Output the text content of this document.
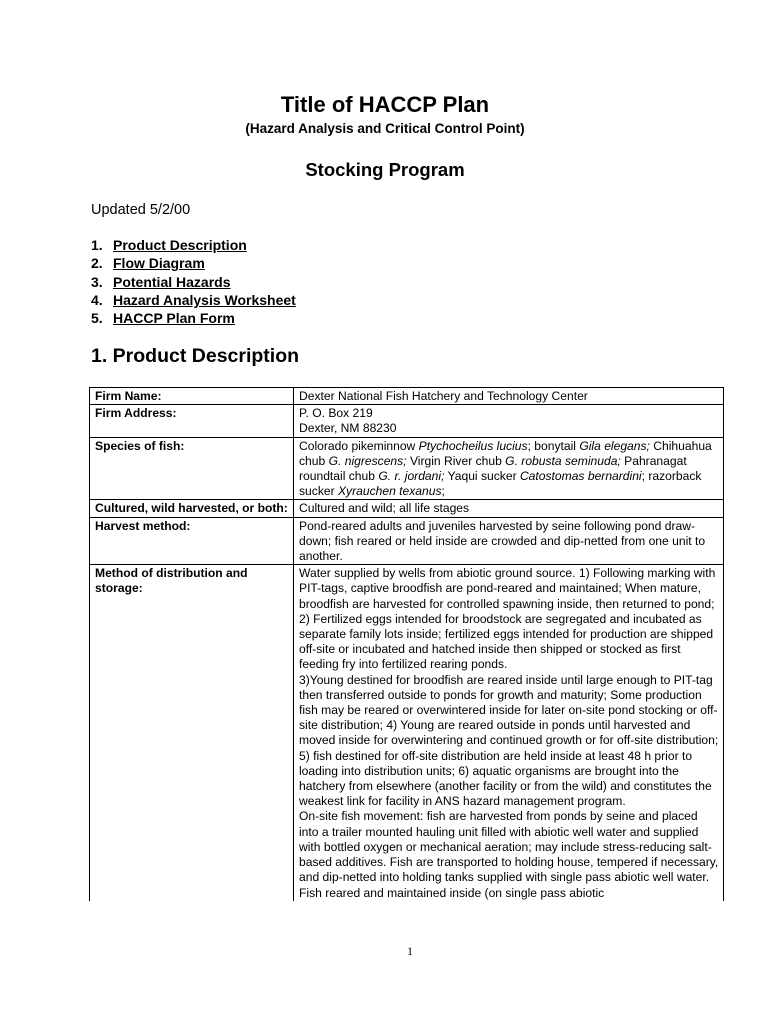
Title of HACCP Plan
(Hazard Analysis and Critical Control Point)
Stocking Program
Updated 5/2/00
1. Product Description
2. Flow Diagram
3. Potential Hazards
4. Hazard Analysis Worksheet
5. HACCP Plan Form
1. Product Description
Firm Name:	Dexter National Fish Hatchery and Technology Center
Firm Address:	P. O. Box 219
Dexter, NM 88230

Species of fish:	Colorado pikeminnow Ptychocheilus lucius; bonytail Gila elegans; Chihuahua chub G. nigrescens; Virgin River chub G. robusta seminuda; Pahranagat roundtail chub G. r. jordani; Yaqui sucker Catostomas bernardini; razorback sucker Xyrauchen texanus;
Cultured, wild harvested, or both:	Cultured and wild; all life stages
Harvest method:	Pond-reared adults and juveniles harvested by seine following pond draw-down; fish reared or held inside are crowded and dip-netted from one unit to another.
Method of distribution and storage:	Water supplied by wells from abiotic ground source. 1) Following marking with PIT-tags, captive broodfish are pond-reared and maintained; When mature, broodfish are harvested for controlled spawning inside, then returned to pond; 2) Fertilized eggs intended for broodstock are segregated and incubated as separate family lots inside; fertilized eggs intended for production are shipped off-site or incubated and hatched inside then shipped or stocked as first feeding fry into fertilized rearing ponds.
3)Young destined for broodfish are reared inside until large enough to PIT-tag then transferred outside to ponds for growth and maturity; Some production fish may be reared or overwintered inside for later on-site pond stocking or off-site distribution; 4) Young are reared outside in ponds until harvested and moved inside for overwintering and continued growth or for off-site distribution; 5) fish destined for off-site distribution are held inside at least 48 h prior to loading into distribution units; 6) aquatic organisms are brought into the hatchery from elsewhere (another facility or from the wild) and constitutes the weakest link for facility in ANS hazard management program.
On-site fish movement: fish are harvested from ponds by seine and placed into a trailer mounted hauling unit filled with abiotic well water and supplied with bottled oxygen or mechanical aeration; may include stress-reducing salt-based additives. Fish are transported to holding house, tempered if necessary, and dip-netted into holding tanks supplied with single pass abiotic well water. Fish reared and maintained inside (on single pass abiotic
1
